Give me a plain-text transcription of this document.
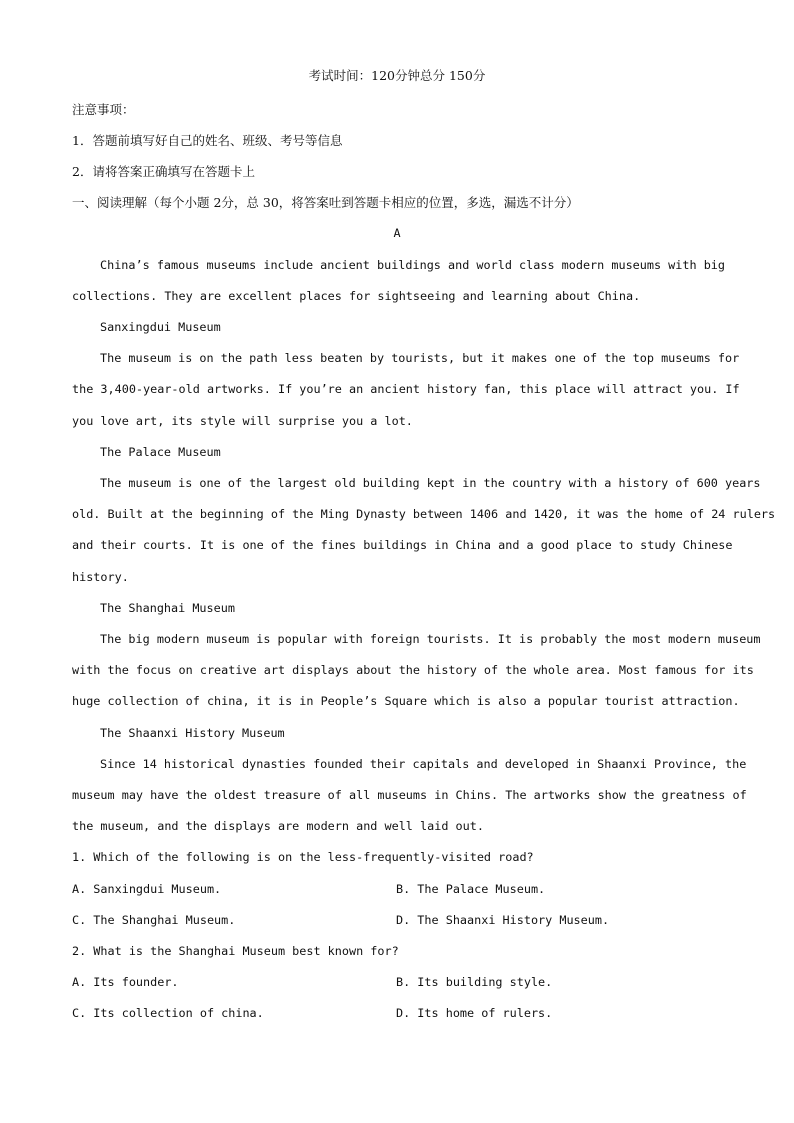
考试时间：120分钟总分 150分
注意事项：
1．答题前填写好自己的姓名、班级、考号等信息
2．请将答案正确填写在答题卡上
一、阅读理解（每个小题 2分，总 30，将答案吐到答题卡相应的位置，多选，漏选不计分）
A
China’s famous museums include ancient buildings and world class modern museums with big
collections. They are excellent places for sightseeing and learning about China.
Sanxingdui Museum
The museum is on the path less beaten by tourists, but it makes one of the top museums for
the 3,400-year-old artworks. If you’re an ancient history fan, this place will attract you. If
you love art, its style will surprise you a lot.
The Palace Museum
The museum is one of the largest old building kept in the country with a history of 600 years
old. Built at the beginning of the Ming Dynasty between 1406 and 1420, it was the home of 24 rulers
and their courts. It is one of the fines buildings in China and a good place to study Chinese
history.
The Shanghai Museum
The big modern museum is popular with foreign tourists. It is probably the most modern museum
with the focus on creative art displays about the history of the whole area. Most famous for its
huge collection of china, it is in People’s Square which is also a popular tourist attraction.
The Shaanxi History Museum
Since 14 historical dynasties founded their capitals and developed in Shaanxi Province, the
museum may have the oldest treasure of all museums in Chins. The artworks show the greatness of
the museum, and the displays are modern and well laid out.
1. Which of the following is on the less-frequently-visited road?
A. Sanxingdui Museum.	B. The Palace Museum.
C. The Shanghai Museum.	D. The Shaanxi History Museum.
2. What is the Shanghai Museum best known for?
A. Its founder.	B. Its building style.
C. Its collection of china.	D. Its home of rulers.
